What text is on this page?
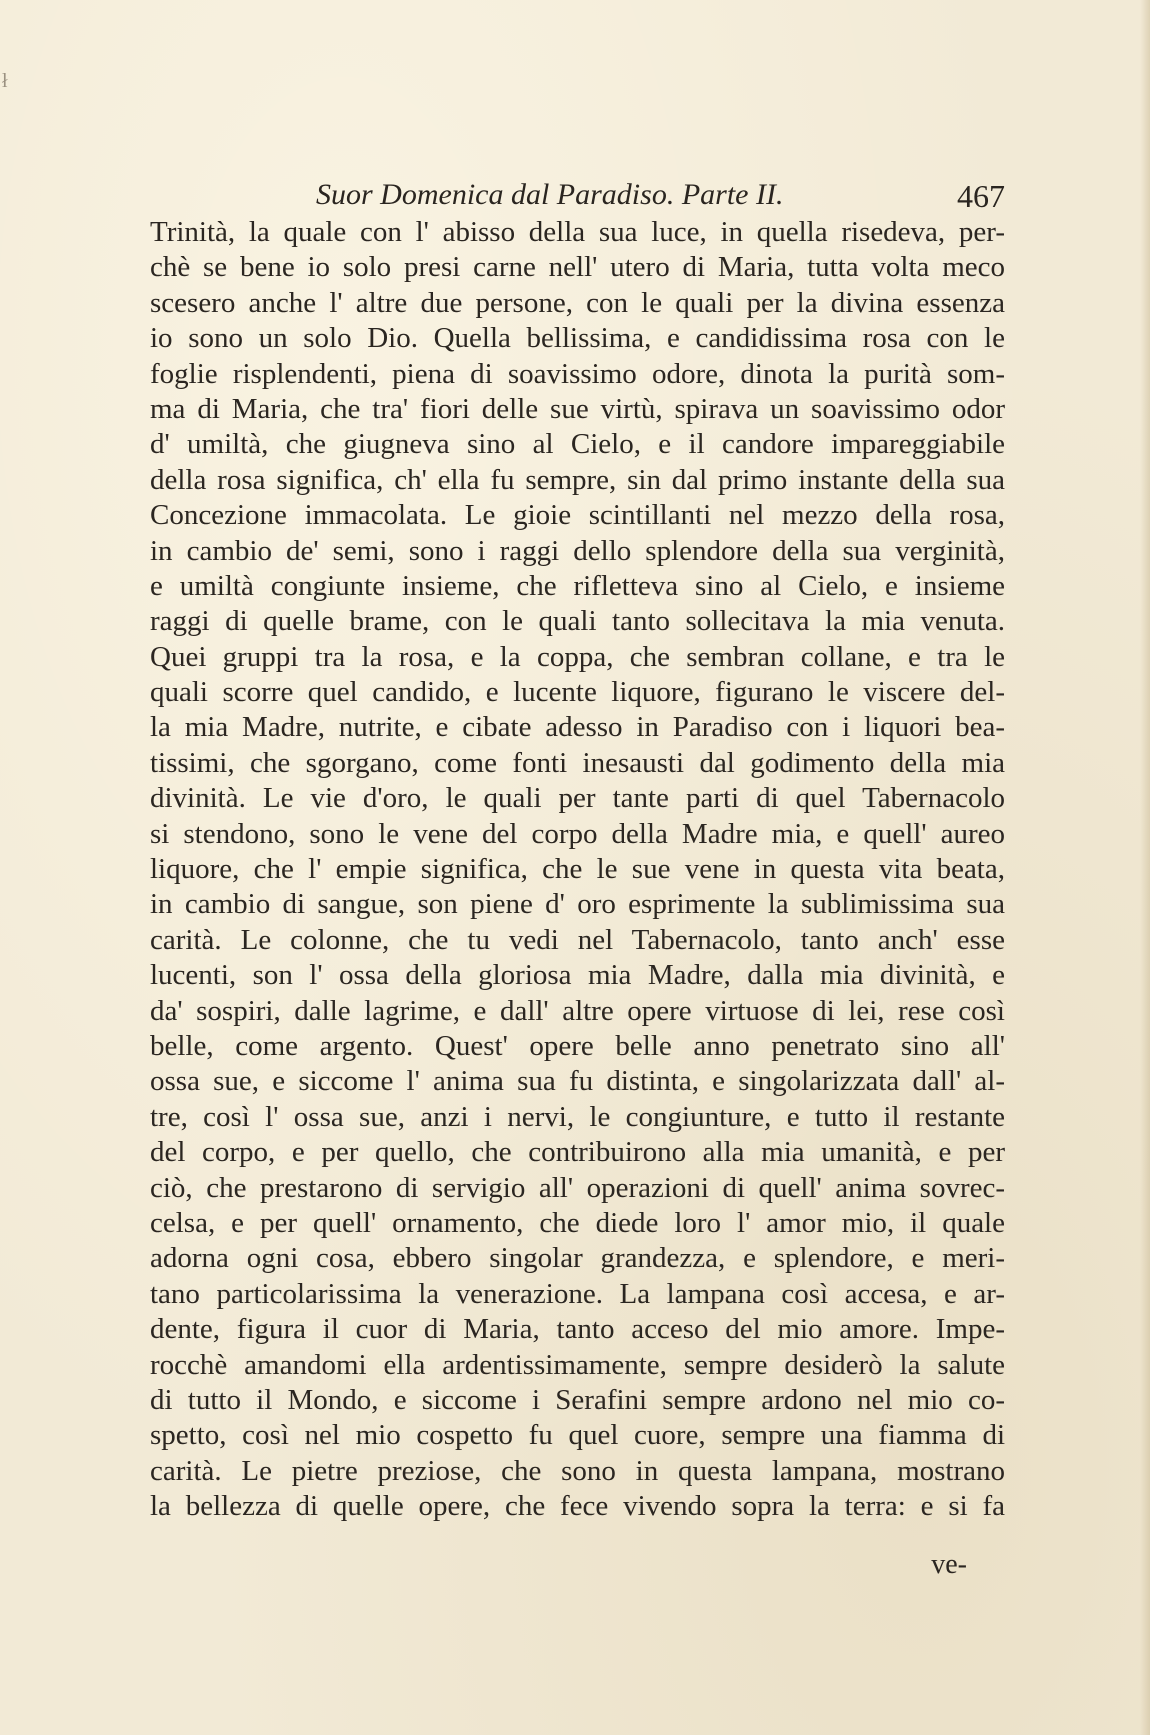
ł
Suor Domenica dal Paradiso. Parte II.	467
Trinità, la quale con l' abisso della sua luce, in quella risedeva, per-
chè se bene io solo presi carne nell' utero di Maria, tutta volta meco
scesero anche l' altre due persone, con le quali per la divina essenza
io sono un solo Dio. Quella bellissima, e candidissima rosa con le
foglie risplendenti, piena di soavissimo odore, dinota la purità som-
ma di Maria, che tra' fiori delle sue virtù, spirava un soavissimo odor
d' umiltà, che giugneva sino al Cielo, e il candore impareggiabile
della rosa significa, ch' ella fu sempre, sin dal primo instante della sua
Concezione immacolata. Le gioie scintillanti nel mezzo della rosa,
in cambio de' semi, sono i raggi dello splendore della sua verginità,
e umiltà congiunte insieme, che rifletteva sino al Cielo, e insieme
raggi di quelle brame, con le quali tanto sollecitava la mia venuta.
Quei gruppi tra la rosa, e la coppa, che sembran collane, e tra le
quali scorre quel candido, e lucente liquore, figurano le viscere del-
la mia Madre, nutrite, e cibate adesso in Paradiso con i liquori bea-
tissimi, che sgorgano, come fonti inesausti dal godimento della mia
divinità. Le vie d'oro, le quali per tante parti di quel Tabernacolo
si stendono, sono le vene del corpo della Madre mia, e quell' aureo
liquore, che l' empie significa, che le sue vene in questa vita beata,
in cambio di sangue, son piene d' oro esprimente la sublimissima sua
carità. Le colonne, che tu vedi nel Tabernacolo, tanto anch' esse
lucenti, son l' ossa della gloriosa mia Madre, dalla mia divinità, e
da' sospiri, dalle lagrime, e dall' altre opere virtuose di lei, rese così
belle, come argento. Quest' opere belle anno penetrato sino all'
ossa sue, e siccome l' anima sua fu distinta, e singolarizzata dall' al-
tre, così l' ossa sue, anzi i nervi, le congiunture, e tutto il restante
del corpo, e per quello, che contribuirono alla mia umanità, e per
ciò, che prestarono di servigio all' operazioni di quell' anima sovrec-
celsa, e per quell' ornamento, che diede loro l' amor mio, il quale
adorna ogni cosa, ebbero singolar grandezza, e splendore, e meri-
tano particolarissima la venerazione. La lampana così accesa, e ar-
dente, figura il cuor di Maria, tanto acceso del mio amore. Impe-
rocchè amandomi ella ardentissimamente, sempre desiderò la salute
di tutto il Mondo, e siccome i Serafini sempre ardono nel mio co-
spetto, così nel mio cospetto fu quel cuore, sempre una fiamma di
carità. Le pietre preziose, che sono in questa lampana, mostrano
la bellezza di quelle opere, che fece vivendo sopra la terra: e si fa
ve-
